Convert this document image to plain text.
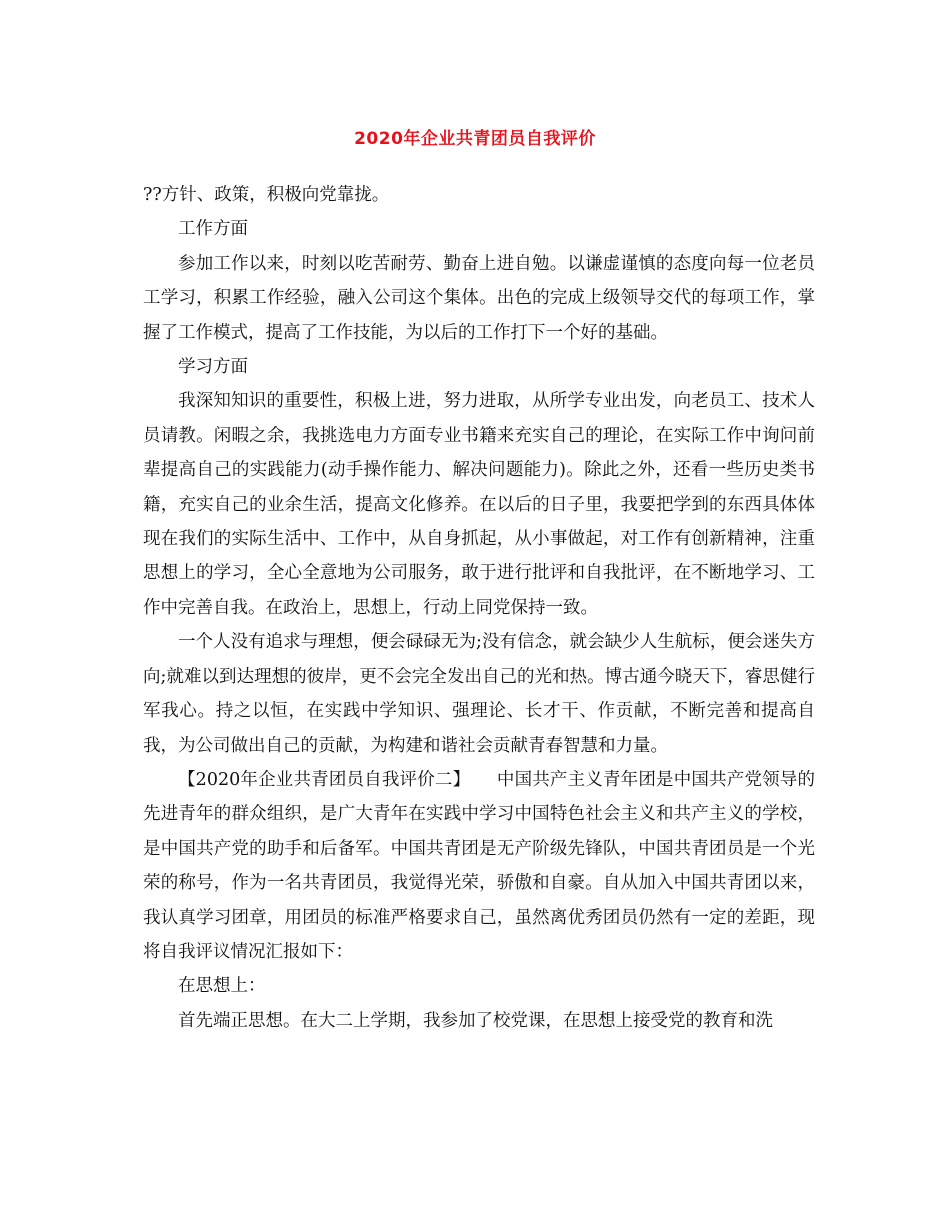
2020年企业共青团员自我评价

??方针、政策，积极向党靠拢。

工作方面

参加工作以来，时刻以吃苦耐劳、勤奋上进自勉。以谦虚谨慎的态度向每一位老员工学习，积累工作经验，融入公司这个集体。出色的完成上级领导交代的每项工作，掌握了工作模式，提高了工作技能，为以后的工作打下一个好的基础。

学习方面

我深知知识的重要性，积极上进，努力进取，从所学专业出发，向老员工、技术人员请教。闲暇之余，我挑选电力方面专业书籍来充实自己的理论，在实际工作中询问前辈提高自己的实践能力(动手操作能力、解决问题能力)。除此之外，还看一些历史类书籍，充实自己的业余生活，提高文化修养。在以后的日子里，我要把学到的东西具体体现在我们的实际生活中、工作中，从自身抓起，从小事做起，对工作有创新精神，注重思想上的学习，全心全意地为公司服务，敢于进行批评和自我批评，在不断地学习、工作中完善自我。在政治上，思想上，行动上同党保持一致。

一个人没有追求与理想，便会碌碌无为;没有信念，就会缺少人生航标，便会迷失方向;就难以到达理想的彼岸，更不会完全发出自己的光和热。博古通今晓天下，睿思健行军我心。持之以恒，在实践中学知识、强理论、长才干、作贡献，不断完善和提高自我，为公司做出自己的贡献，为构建和谐社会贡献青春智慧和力量。

【2020年企业共青团员自我评价二】　　中国共产主义青年团是中国共产党领导的先进青年的群众组织，是广大青年在实践中学习中国特色社会主义和共产主义的学校，是中国共产党的助手和后备军。中国共青团是无产阶级先锋队，中国共青团员是一个光荣的称号，作为一名共青团员，我觉得光荣，骄傲和自豪。自从加入中国共青团以来，我认真学习团章，用团员的标准严格要求自己，虽然离优秀团员仍然有一定的差距，现将自我评议情况汇报如下：

在思想上：

首先端正思想。在大二上学期，我参加了校党课，在思想上接受党的教育和洗
